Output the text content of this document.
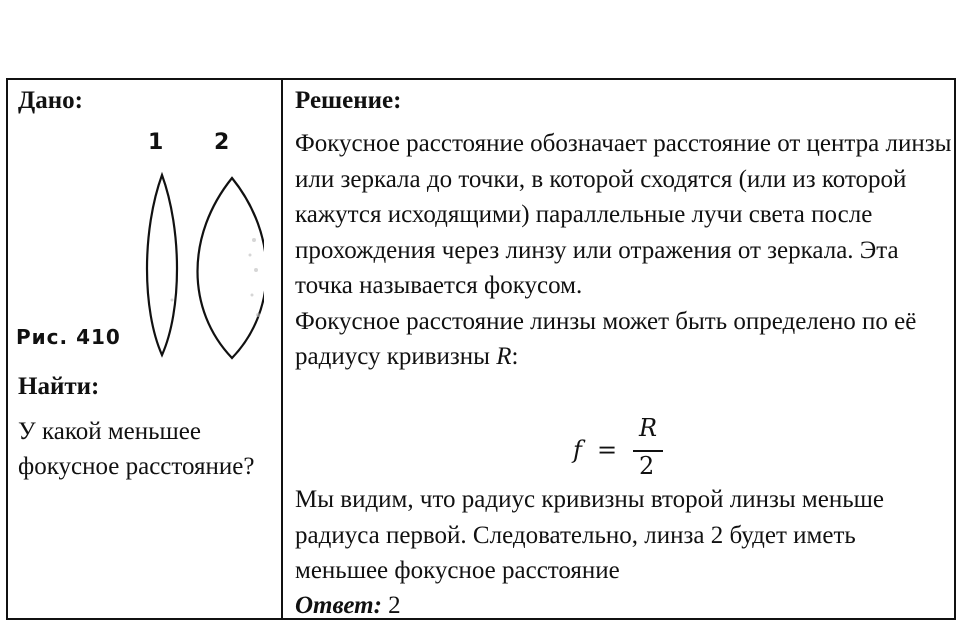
Дано:
1 2
Рис. 410
Найти:
У какой меньшее фокусное расстояние?
Решение:
Фокусное расстояние обозначает расстояние от центра линзы или зеркала до точки, в которой сходятся (или из которой кажутся исходящими) параллельные лучи света после прохождения через линзу или отражения от зеркала. Эта точка называется фокусом.
Фокусное расстояние линзы может быть определено по её радиусу кривизны R:
f =
R
2
Мы видим, что радиус кривизны второй линзы меньше радиуса первой. Следовательно, линза 2 будет иметь меньшее фокусное расстояние
Ответ: 2
